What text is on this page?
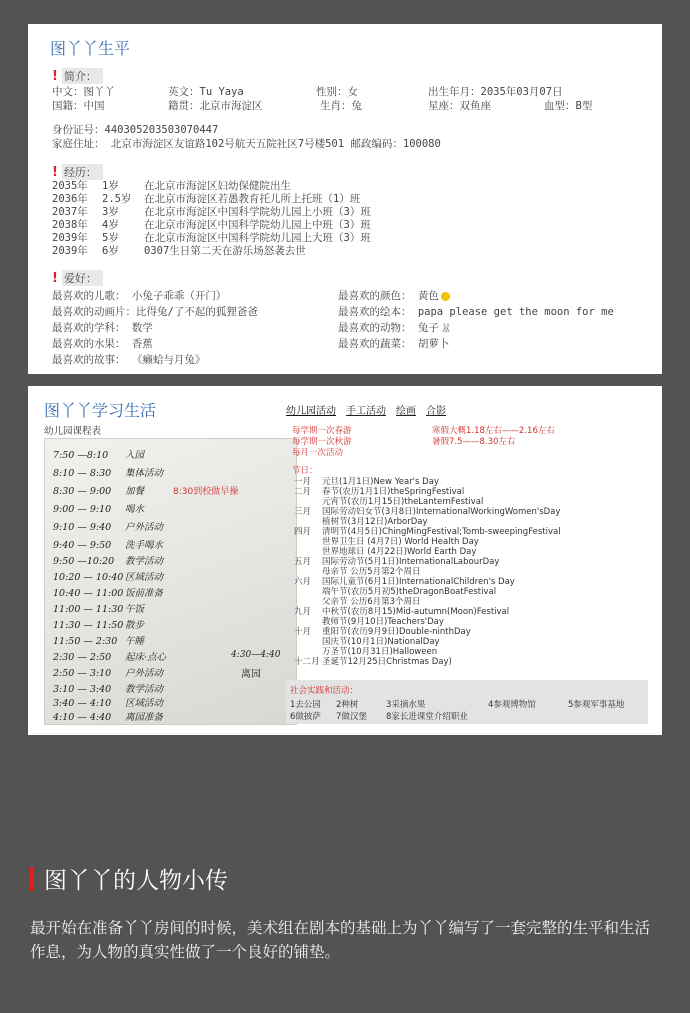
图丫丫生平
! 简介：
中文：图丫丫	英文：Tu Yaya	性别：女	出生年月：2035年03月07日
国籍：中国	籍贯：北京市海淀区	生肖：兔	星座：双鱼座	血型：B型
身份证号：440305203503070447
家庭住址： 北京市海淀区友谊路102号航天五院社区7号楼501 邮政编码：100080
! 经历：
2035年 1岁 在北京市海淀区妇幼保健院出生
2036年 2.5岁 在北京市海淀区若愚教育托儿所上托班（1）班
2037年 3岁 在北京市海淀区中国科学院幼儿园上小班（3）班
2038年 4岁 在北京市海淀区中国科学院幼儿园上中班（3）班
2039年 5岁 在北京市海淀区中国科学院幼儿园上大班（3）班
2039年 6岁 0307生日第二天在游乐场怒袭去世
! 爱好：
最喜欢的儿歌： 小兔子乖乖（开门）
最喜欢的动画片：比得兔/了不起的狐狸爸爸
最喜欢的学科： 数学
最喜欢的水果： 香蕉
最喜欢的故事： 《癞蛤与月兔》
最喜欢的颜色： 黄色
最喜欢的绘本： papa please get the moon for me
最喜欢的动物： 兔子 🐰
最喜欢的蔬菜： 胡萝卜
图丫丫学习生活
幼儿园课程表
7:50 —8:10 入园
8:10 — 8:30 集体活动
8:30 — 9:00 加餐
9:00 — 9:10 喝水
9:10 — 9:40 户外活动
9:40 — 9:50 洗手喝水
9:50 —10:20 教学活动
10:20 — 10:40 区域活动
10:40 — 11:00 饭前准备
11:00 — 11:30 午饭
11:30 — 11:50 散步
11:50 — 2:30 午睡
2:30 — 2:50 起床·点心
2:50 — 3:10 户外活动
3:10 — 3:40 教学活动
3:40 — 4:10 区域活动
4:10 — 4:40 离园准备
8:30到校做早操
4:30—4:40
离园
幼儿园活动 手工活动 绘画 合影
每学期一次春游
每学期一次秋游
每月一次活动
寒假大概1.18左右——2.16左右
暑假7.5——8.30左右
节日：
一月 元旦(1月1日)New Year's Day
二月 春节(农历1月1日)theSpringFestival
元宵节(农历1月15日)theLanternFestival
三月 国际劳动妇女节(3月8日)InternationalWorkingWomen'sDay
植树节(3月12日)ArborDay
四月 清明节(4月5日)ChingMingFestival;Tomb-sweepingFestival
世界卫生日 (4月7日) World Health Day
世界地球日 (4月22日)World Earth Day
五月 国际劳动节(5月1日)InternationalLabourDay
母亲节 公历5月第2个周日
六月 国际儿童节(6月1日)InternationalChildren's Day
端午节(农历5月初5)theDragonBoatFestival
父亲节 公历6月第3个周日
九月 中秋节(农历8月15)Mid-autumn(Moon)Festival
教师节(9月10日)Teachers'Day
十月 重阳节(农历9月9日)Double-ninthDay
国庆节(10月1日)NationalDay
万圣节(10月31日)Halloween
十二月 圣诞节12月25日Christmas Day)
社会实践和活动：
1去公园 2种树	3采摘水果	4参观博物馆	5参观军事基地
6做披萨 7做汉堡 8家长进课堂介绍职业
图丫丫的人物小传
最开始在准备丫丫房间的时候，美术组在剧本的基础上为丫丫编写了一套完整的生平和生活作息，为人物的真实性做了一个良好的铺垫。
